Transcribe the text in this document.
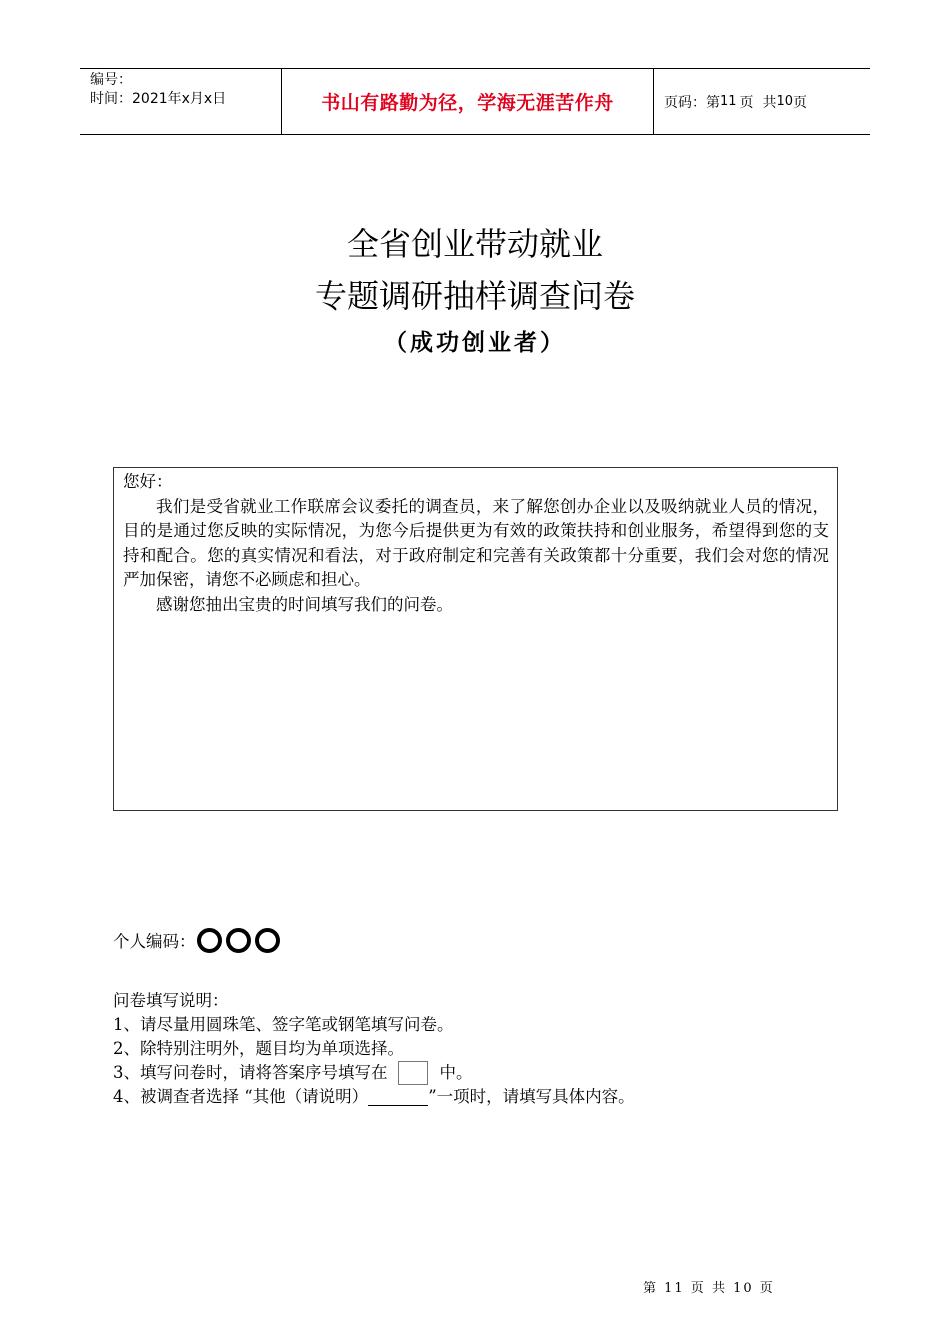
编号：
时间：2021年x月x日	书山有路勤为径，学海无涯苦作舟	页码：第 11 页  共 10 页
全省创业带动就业
专题调研抽样调查问卷
（成功创业者）

您好：

我们是受省就业工作联席会议委托的调查员，来了解您创办企业以及吸纳就业人员的情况，目的是通过您反映的实际情况，为您今后提供更为有效的政策扶持和创业服务，希望得到您的支持和配合。您的真实情况和看法，对于政府制定和完善有关政策都十分重要，我们会对您的情况严加保密，请您不必顾虑和担心。

感谢您抽出宝贵的时间填写我们的问卷。

个人编码：
问卷填写说明：
1、请尽量用圆珠笔、签字笔或钢笔填写问卷。
2、除特别注明外，题目均为单项选择。
3、填写问卷时，请将答案序号填写在	中。
4、被调查者选择 “其他（请说明）	”一项时，请填写具体内容。
第 11 页 共 10 页
